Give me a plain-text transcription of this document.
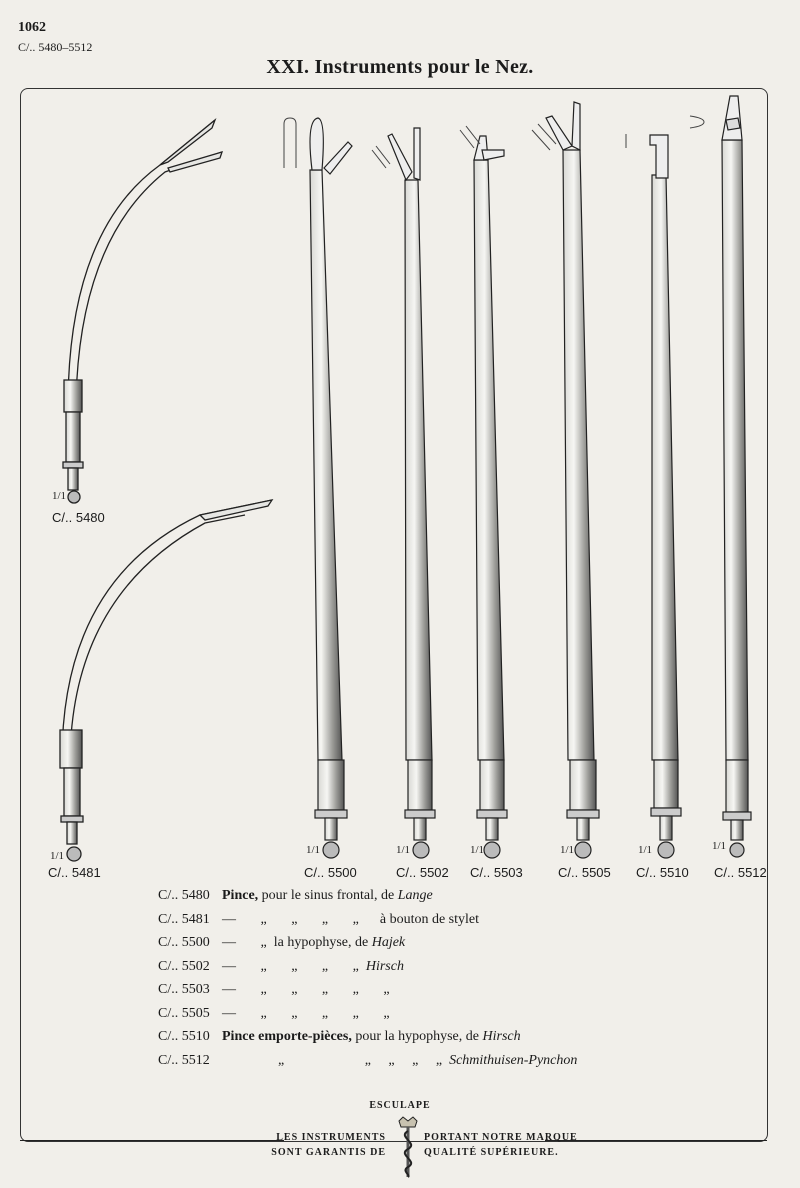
1062
C/.. 5480–5512
XXI. Instruments pour le Nez.
1/1
C/.. 5480
1/1
C/.. 5481
1/1
C/.. 5500
1/1
C/.. 5502
1/1
C/.. 5503
1/1
C/.. 5505
1/1
C/.. 5510
1/1
C/.. 5512
C/.. 5480 Pince, pour le sinus frontal, de Lange
C/.. 5481 —       „       „       „       „      à bouton de stylet
C/.. 5500 —       „  la hypophyse, de Hajek
C/.. 5502 —       „       „       „       „  Hirsch
C/.. 5503 —       „       „       „       „       „
C/.. 5505 —       „       „       „       „       „
C/.. 5510 Pince emporte-pièces, pour la hypophyse, de Hirsch
C/.. 5512 „                       „     „     „     „  Schmithuisen-Pynchon
ESCULAPE
LES INSTRUMENTS
SONT GARANTIS DE
PORTANT NOTRE MARQUE
QUALITÉ SUPÉRIEURE.
